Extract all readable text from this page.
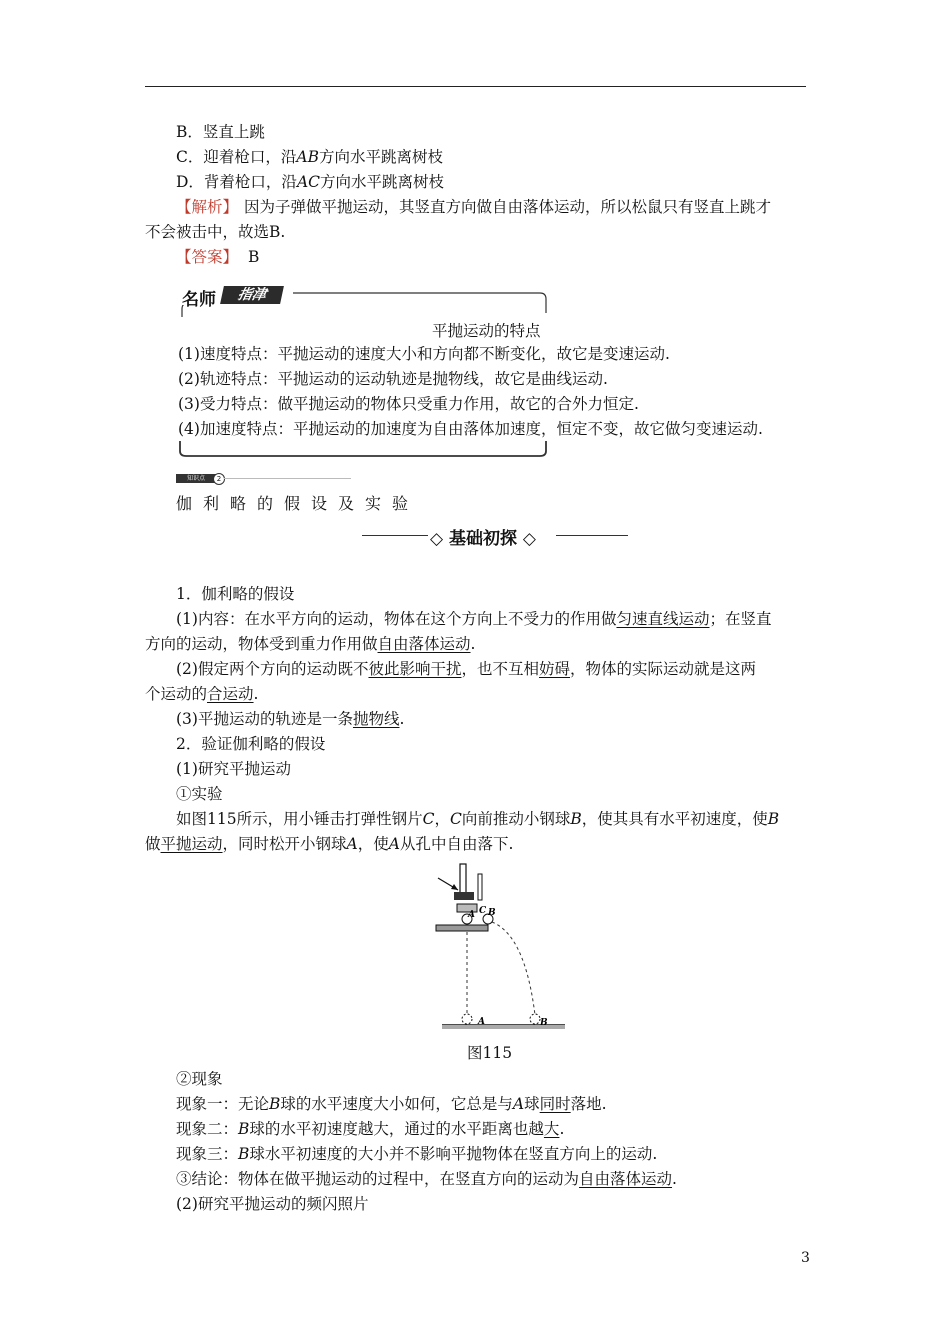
B．竖直上跳
C．迎着枪口，沿AB方向水平跳离树枝
D．背着枪口，沿AC方向水平跳离树枝
【解析】 因为子弹做平抛运动，其竖直方向做自由落体运动，所以松鼠只有竖直上跳才
不会被击中，故选B.
【答案】 B
名师	指津
平抛运动的特点
(1)速度特点：平抛运动的速度大小和方向都不断变化，故它是变速运动.
(2)轨迹特点：平抛运动的运动轨迹是抛物线，故它是曲线运动.
(3)受力特点：做平抛运动的物体只受重力作用，故它的合外力恒定.
(4)加速度特点：平抛运动的加速度为自由落体加速度，恒定不变，故它做匀变速运动.
知识点	2
伽利略的假设及实验
◇ 基础初探 ◇
1．伽利略的假设
(1)内容：在水平方向的运动，物体在这个方向上不受力的作用做匀速直线运动；在竖直
方向的运动，物体受到重力作用做自由落体运动.
(2)假定两个方向的运动既不彼此影响干扰，也不互相妨碍，物体的实际运动就是这两
个运动的合运动.
(3)平抛运动的轨迹是一条抛物线.
2．验证伽利略的假设
(1)研究平抛运动
①实验
如图115所示，用小锤击打弹性钢片C，C向前推动小钢球B，使其具有水平初速度，使B
做平抛运动，同时松开小钢球A，使A从孔中自由落下.
A C B
A	B
图115
②现象
现象一：无论B球的水平速度大小如何，它总是与A球同时落地.
现象二：B球的水平初速度越大，通过的水平距离也越大.
现象三：B球水平初速度的大小并不影响平抛物体在竖直方向上的运动.
③结论：物体在做平抛运动的过程中，在竖直方向的运动为自由落体运动.
(2)研究平抛运动的频闪照片
3
